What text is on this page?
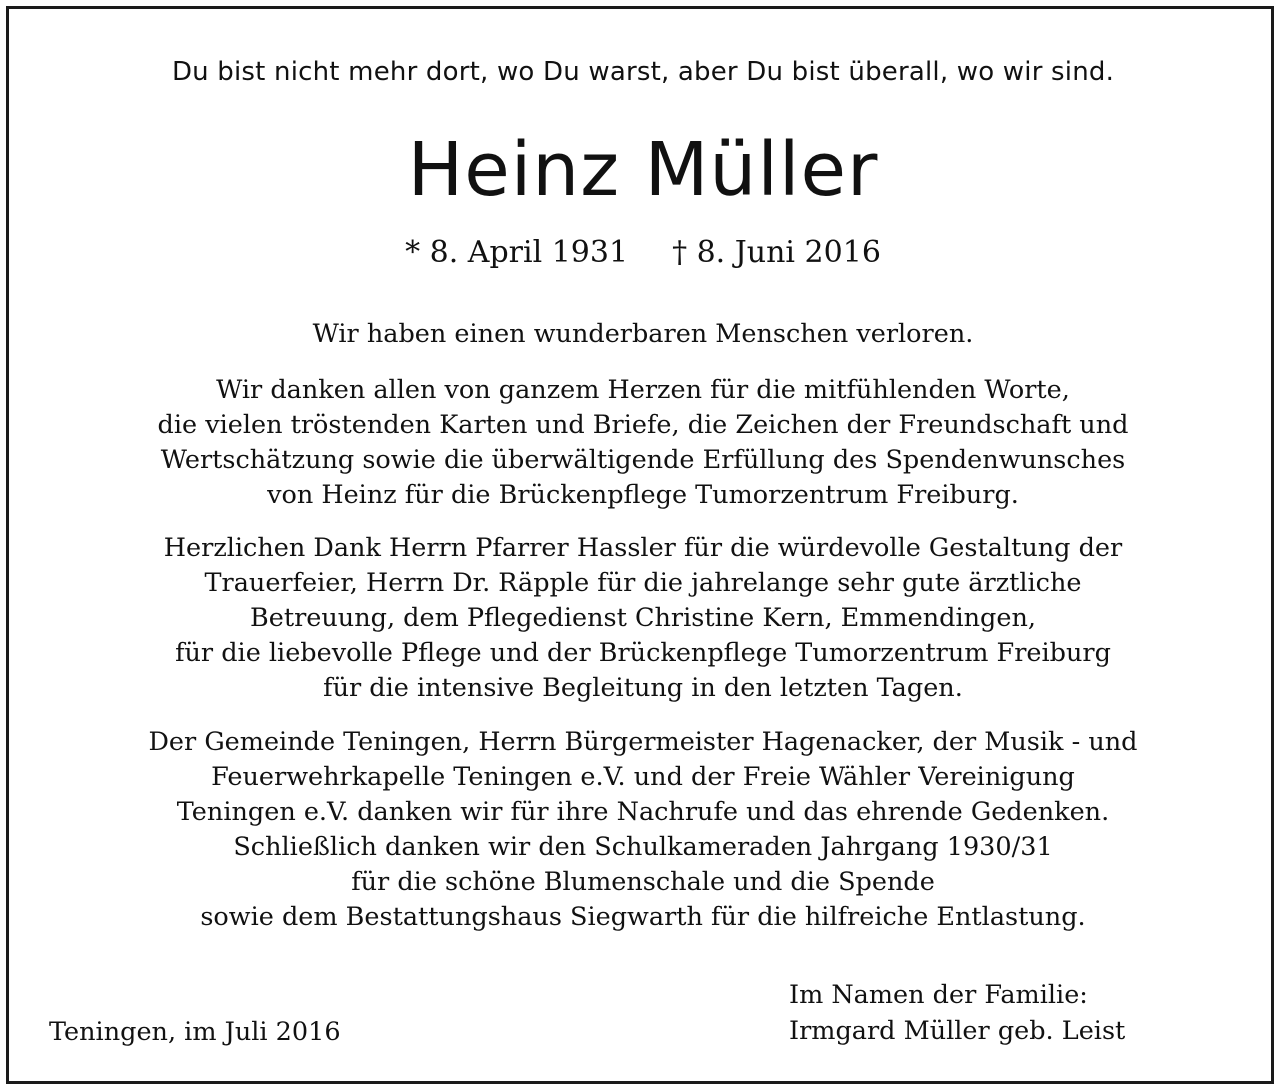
Du bist nicht mehr dort, wo Du warst, aber Du bist überall, wo wir sind.
Heinz Müller
* 8. April 1931 † 8. Juni 2016

Wir haben einen wunderbaren Menschen verloren.

Wir danken allen von ganzem Herzen für die mitfühlenden Worte,
die vielen tröstenden Karten und Briefe, die Zeichen der Freundschaft und
Wertschätzung sowie die überwältigende Erfüllung des Spendenwunsches
von Heinz für die Brückenpflege Tumorzentrum Freiburg.

Herzlichen Dank Herrn Pfarrer Hassler für die würdevolle Gestaltung der
Trauerfeier, Herrn Dr. Räpple für die jahrelange sehr gute ärztliche
Betreuung, dem Pflegedienst Christine Kern, Emmendingen,
für die liebevolle Pflege und der Brückenpflege Tumorzentrum Freiburg
für die intensive Begleitung in den letzten Tagen.

Der Gemeinde Teningen, Herrn Bürgermeister Hagenacker, der Musik - und
Feuerwehrkapelle Teningen e.V. und der Freie Wähler Vereinigung
Teningen e.V. danken wir für ihre Nachrufe und das ehrende Gedenken.
Schließlich danken wir den Schulkameraden Jahrgang 1930/31
für die schöne Blumenschale und die Spende
sowie dem Bestattungshaus Siegwarth für die hilfreiche Entlastung.

Teningen, im Juli 2016
Im Namen der Familie:
Irmgard Müller geb. Leist
